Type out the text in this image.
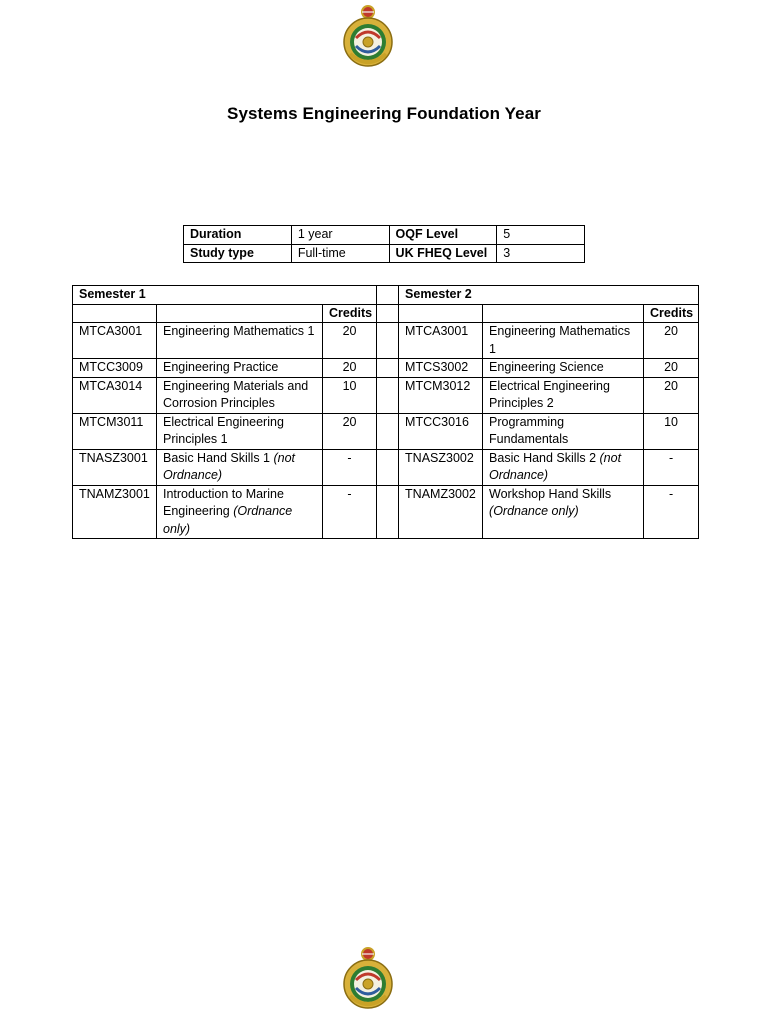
Systems Engineering Foundation Year
Duration	1 year	OQF Level	5
Study type	Full-time	UK FHEQ Level	3
Semester 1				Semester 2		
		Credits				Credits
MTCA3001	Engineering Mathematics 1	20		MTCA3001	Engineering Mathematics 1	20
MTCC3009	Engineering Practice	20		MTCS3002	Engineering Science	20
MTCA3014	Engineering Materials and Corrosion Principles	10		MTCM3012	Electrical Engineering Principles 2	20
MTCM3011	Electrical Engineering Principles 1	20		MTCC3016	Programming Fundamentals	10
TNASZ3001	Basic Hand Skills 1 (not Ordnance)	-		TNASZ3002	Basic Hand Skills 2 (not Ordnance)	-
TNAMZ3001	Introduction to Marine Engineering (Ordnance only)	-		TNAMZ3002	Workshop Hand Skills (Ordnance only)	-
